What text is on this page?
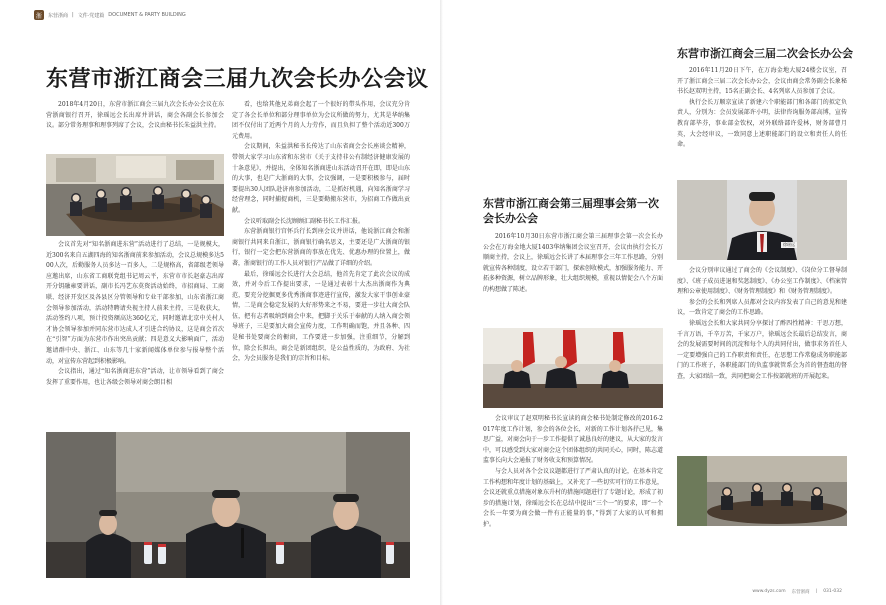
浙	东营浙商 | 文件·党建篇 DOCUMENT & PARTY BUILDING
东营市浙江商会三届九次会长办公会议

2018年4月20日，东营市浙江商会三届九次会长办公会议在东营浙商银行召开，徐瑶远会长出席并讲话，商会各副会长参加会议。部分常务理事和理事列席了会议，会议由秘书长朱益洪主持。

会议首先对“知名浙商进东营”活动进行了总结，一是规模大，近300名来自五湖四海的知名浙商前来参加活动，会议总规模多达500人次，后勤服务人员多达一百多人，二是规格高，省部级老领导应邀出席，山东省工商联党组书记周云平，东营市市长赵豪志出席开分钥融雍要讲话，副市长冯艺东莫资活动始终，市招商局、工商联、经济开发区及各县区分管领导和专业干部参加，山东省浙江商会领导参加活动，活动特聘请央视主持人前来主持，三是收获大，活动签约八项，预计投资额高达360亿元，同时邀请北京中关村人才协会领导参加并同东营市达成人才引进合约协议，这是商会首次在“引智”方面为东营市作出突出贡献；四是意义大影响面广，活动邀请群中央、浙江、山东等几十家新闻媒体单位参与报导整个活动，对宣传东营起到积极影响。

会议指出，通过“知名浙商进东营”活动，让市领导看到了商会发挥了重要作用，也让各级会领导对商会朗目相

看，也给其他兄弟商会起了一个很好的带头作用，会议充分肯定了各会长单位和部分理事单位为会议所做的努力，尤其是华纳集团不仅付出了近两个月的人力劳作，而且负担了整个活动近300万元费用。

会议期间，朱益洪秘书长传达了山东省商会会长座谈会精神，带领大家学习山东省和东营市《关于支持非公有制经济健康发展的十条意见》，并提出，全体知名浙商进山东活动召开在即，即是山东的大事，也是广大浙商的大事，会议强调，一是要积极参与，届时要提出30人团队赴济南参加活动，二是抓好机遇，向知名浙商学习经营理念，同时捕捉商机，三是要勤搬东营市，为招商工作做出贡献。

会议听取副会长沈顾顾汇副秘书长工作汇报。

东营浙商银行宫怀兵行长到座会议并讲话，他说浙江商会和浙商银行共同来自浙江，浙商银行确名思义，主要还是广大浙商的银行，银行一定会把东营浙商的事放在优先、优惠办理的位置上，做著，浙商银行的工作人员对银行产品做了详细的介绍。

最后，徐瑶远会长进行大会总结，他首先肯定了此次会议的成效，并对今后工作提出要求，一是通过表彰十大杰出浙商作为典范，要充分挖掘更多优秀浙商事迹进行宣传，激发大家干事创业豪情，二是商会稳定发展的大好形势来之不易，要进一步壮大商会队伍，把有志者吸纳到商会中来，把脚于关乐于奉献的人纳入商会领导班子，三是要加大商会宣传力度，工作明确而饱，并且各种、四是秘书处要商会的橱窗，工作要进一步加强，注重细节，分解到位，除会长担出，商会是新团组织，是公益性质的，为政府、为社会，为会员服务是我们的宗旨和目标。

东营市浙江商会三届二次会长办公会

2016年11月20日下午，在万海金地大厦24楼会议室，召开了浙江商会三届二次会长办公会，会议由商会常务副会长象秘书长赵双明主持，15名正副会长、4名列席人员参加了会议。

执行会长万顺京宣读了新建六个职能部门和各部门的拟定负责人，分别为：会员发展部许小明，法律咨询服务部高博，宣传教育部毕芬，事业部金钦权，对外联络部许爱林，财务部曹月英，大会经审议，一致同意上述职能部门的设立和责任人的任命。

东营市浙江商会第三届理事会第一次会长办公会

2016年10月30日东营市浙江商会第三届理事会第一次会长办公会在万海金地大厦1403华纳集团会议室召开，会议由执行会长万顺商主持，会议上，徐瑶远会长讲了本届理事会三年工作思路，分别就宣传各种制度，设立若干部门，探索创收模式，加强服务能力、开拓多种资源，树立品牌形象，壮大组织规模，重视以情促会八个方面的构想做了陈述。

徐瑶远

会议审议了赵双明秘书长宣读的商会秘书处制定修改的2016-2017年度工作计划，参会的各位会长，对新的工作计划各抒己见，集思广益，对商会向于一步工作提供了诚恳良好的建议，从大家的发言中，可以感受到大家对商会这个团体组织的共同关心，同时，陈志道监事长向大会通报了财务收支和预算情况。

与会人员对各个会议议题都进行了严肃认真的讨论，在基本肯定工作构想和年度计划的基础上，又补充了一些切实可行的工作意见，会议还就重点措施对象东升村的措施问题进行了专题讨论，形成了初步的措施计划，徐瑶远会长在总结中提出“三个一”的要求，即“一个会长一年要为商会做一件有正能量的事，”得到了大家的认可和拥护。

会议分别审议通过了商会的《会议制度》、《岗位分工督导制度》、《班子成员进退和奖惩制度》、《办公室工作制度》、《档案管理和公章使用制度》、《财务管理制度》和《财务管理制度》。

参会的会长和列席人员都对会议内容发表了自己的意见和建议，一致肯定了商会的工作思路。

徐瑶远会长和大家共同分享探讨了酢四性精神：干思万想，千言万语，千辛万苦，千家万户，徐瑶远会长最后总结发言，商会的发展需要时间的沉淀和每个人的共同付出，做事求务首任人一定要增强自己的工作职责和责任，在思想工作常稳成务职能部门的工作班子，各职能部门的负监事就管系会为首的督查组的督查，大家团结一致，共同把商会工作按部就班的开展起来。

www.dyzs.com 东营浙商 | 031-032
